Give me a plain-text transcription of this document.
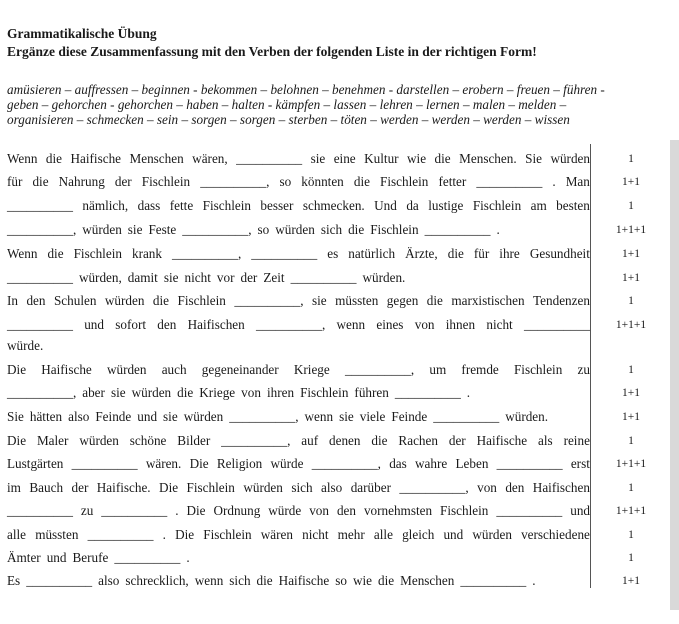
Grammatikalische Übung
Ergänze diese Zusammenfassung mit den Verben der folgenden Liste in der richtigen Form!
amüsieren – auffressen – beginnen - bekommen – belohnen – benehmen - darstellen – erobern – freuen – führen -
geben – gehorchen - gehorchen – haben – halten - kämpfen – lassen – lehren – lernen – malen – melden –
organisieren – schmecken – sein – sorgen – sorgen – sterben – töten – werden – werden – werden – wissen
Wenn die Haifische Menschen wären, __________ sie eine Kultur wie die Menschen. Sie würden	1
für die Nahrung der Fischlein __________, so könnten die Fischlein fetter __________ . Man	1+1
__________ nämlich, dass fette Fischlein besser schmecken. Und da lustige Fischlein am besten	1
__________, würden sie Feste __________, so würden sich die Fischlein __________ .	1+1+1
Wenn die Fischlein krank __________, __________ es natürlich Ärzte, die für ihre Gesundheit	1+1
__________ würden, damit sie nicht vor der Zeit __________ würden.	1+1
In den Schulen würden die Fischlein __________, sie müssten gegen die marxistischen Tendenzen	1
__________ und sofort den Haifischen __________, wenn eines von ihnen nicht __________	1+1+1
würde.
Die Haifische würden auch gegeneinander Kriege __________, um fremde Fischlein zu	1
__________, aber sie würden die Kriege von ihren Fischlein führen __________ .	1+1
Sie hätten also Feinde und sie würden __________, wenn sie viele Feinde __________ würden.	1+1
Die Maler würden schöne Bilder __________, auf denen die Rachen der Haifische als reine	1
Lustgärten __________ wären. Die Religion würde __________, das wahre Leben __________ erst	1+1+1
im Bauch der Haifische. Die Fischlein würden sich also darüber __________, von den Haifischen	1
__________ zu __________ . Die Ordnung würde von den vornehmsten Fischlein __________ und	1+1+1
alle müssten __________ . Die Fischlein wären nicht mehr alle gleich und würden verschiedene	1
Ämter und Berufe __________ .	1
Es __________ also schrecklich, wenn sich die Haifische so wie die Menschen __________ .	1+1
